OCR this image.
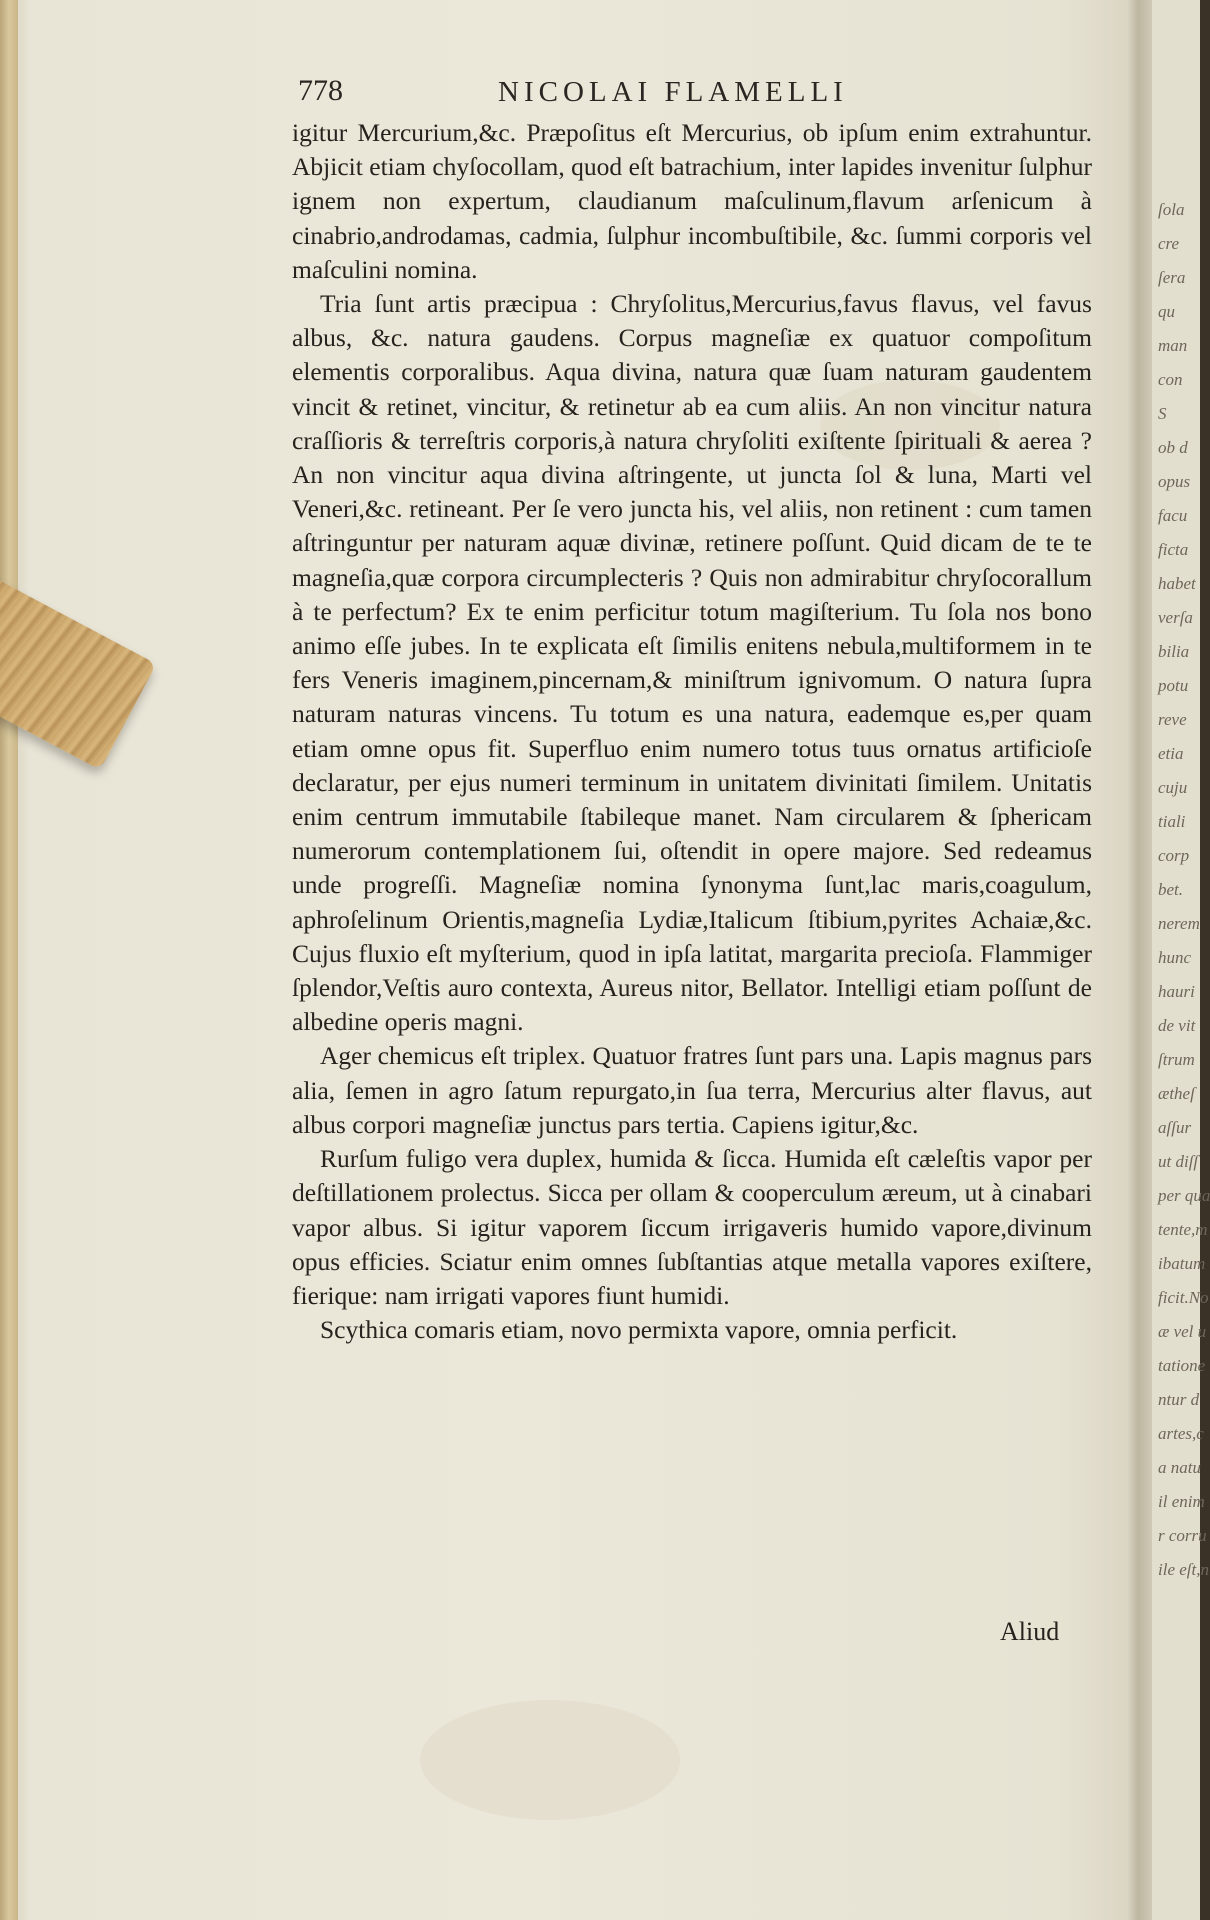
778	NICOLAI FLAMELLI

igitur Mercurium,&c. Præpoſitus eſt Mercurius, ob ipſum enim extrahuntur. Abjicit etiam chyſocollam, quod eſt batrachium, inter lapides invenitur ſulphur ignem non expertum, claudianum maſculinum,flavum arſenicum à cinabrio,androdamas, cadmia, ſulphur incombuſtibile, &c. ſummi corporis vel maſculini nomina.

Tria ſunt artis præcipua : Chryſolitus,Mercurius,favus flavus, vel favus albus, &c. natura gaudens. Corpus magneſiæ ex quatuor compoſitum elementis corporalibus. Aqua divina, natura quæ ſuam naturam gaudentem vincit & retinet, vincitur, & retinetur ab ea cum aliis. An non vincitur natura craſſioris & terreſtris corporis,à natura chryſoliti exiſtente ſpirituali & aerea ? An non vincitur aqua divina aſtringente, ut juncta ſol & luna, Marti vel Veneri,&c. retineant. Per ſe vero juncta his, vel aliis, non retinent : cum tamen aſtringuntur per naturam aquæ divinæ, retinere poſſunt. Quid dicam de te te magneſia,quæ corpora circumplecteris ? Quis non admirabitur chryſocorallum à te perfectum? Ex te enim perficitur totum magiſterium. Tu ſola nos bono animo eſſe jubes. In te explicata eſt ſimilis enitens nebula,multiformem in te fers Veneris imaginem,pincernam,& miniſtrum ignivomum. O natura ſupra naturam naturas vincens. Tu totum es una natura, eademque es,per quam etiam omne opus fit. Superfluo enim numero totus tuus ornatus artificioſe declaratur, per ejus numeri terminum in unitatem divinitati ſimilem. Unitatis enim centrum immutabile ſtabileque manet. Nam circularem & ſphericam numerorum contemplationem ſui, oſtendit in opere majore. Sed redeamus unde progreſſi. Magneſiæ nomina ſynonyma ſunt,lac maris,coagulum, aphroſelinum Orientis,magneſia Lydiæ,Italicum ſtibium,pyrites Achaiæ,&c. Cujus fluxio eſt myſterium, quod in ipſa latitat, margarita precioſa. Flammiger ſplendor,Veſtis auro contexta, Aureus nitor, Bellator. Intelligi etiam poſſunt de albedine operis magni.

Ager chemicus eſt triplex. Quatuor fratres ſunt pars una. Lapis magnus pars alia, ſemen in agro ſatum repurgato,in ſua terra, Mercurius alter flavus, aut albus corpori magneſiæ junctus pars tertia. Capiens igitur,&c.

Rurſum fuligo vera duplex, humida & ſicca. Humida eſt cæleſtis vapor per deſtillationem prolectus. Sicca per ollam & cooperculum æreum, ut à cinabari vapor albus. Si igitur vaporem ſiccum irrigaveris humido vapore,divinum opus efficies. Sciatur enim omnes ſubſtantias atque metalla vapores exiſtere, fierique: nam irrigati vapores fiunt humidi.

Scythica comaris etiam, novo permixta vapore, omnia perficit.

Aliud
ſola
cre
ſera
qu
man
con
S
ob d
opus
facu
ficta
habet
verſa
bilia
potu
reve
etia
cuju
tiali
corp
bet.
nerem
hunc
hauri
de vit
ſtrum
ætheſ
aſſur
ut diſſ
per qua
tente,m
ibatum
ficit.No
æ vel u
tatione
ntur d
artes,c
a natu
il enim
r corru
ile eſt,n
